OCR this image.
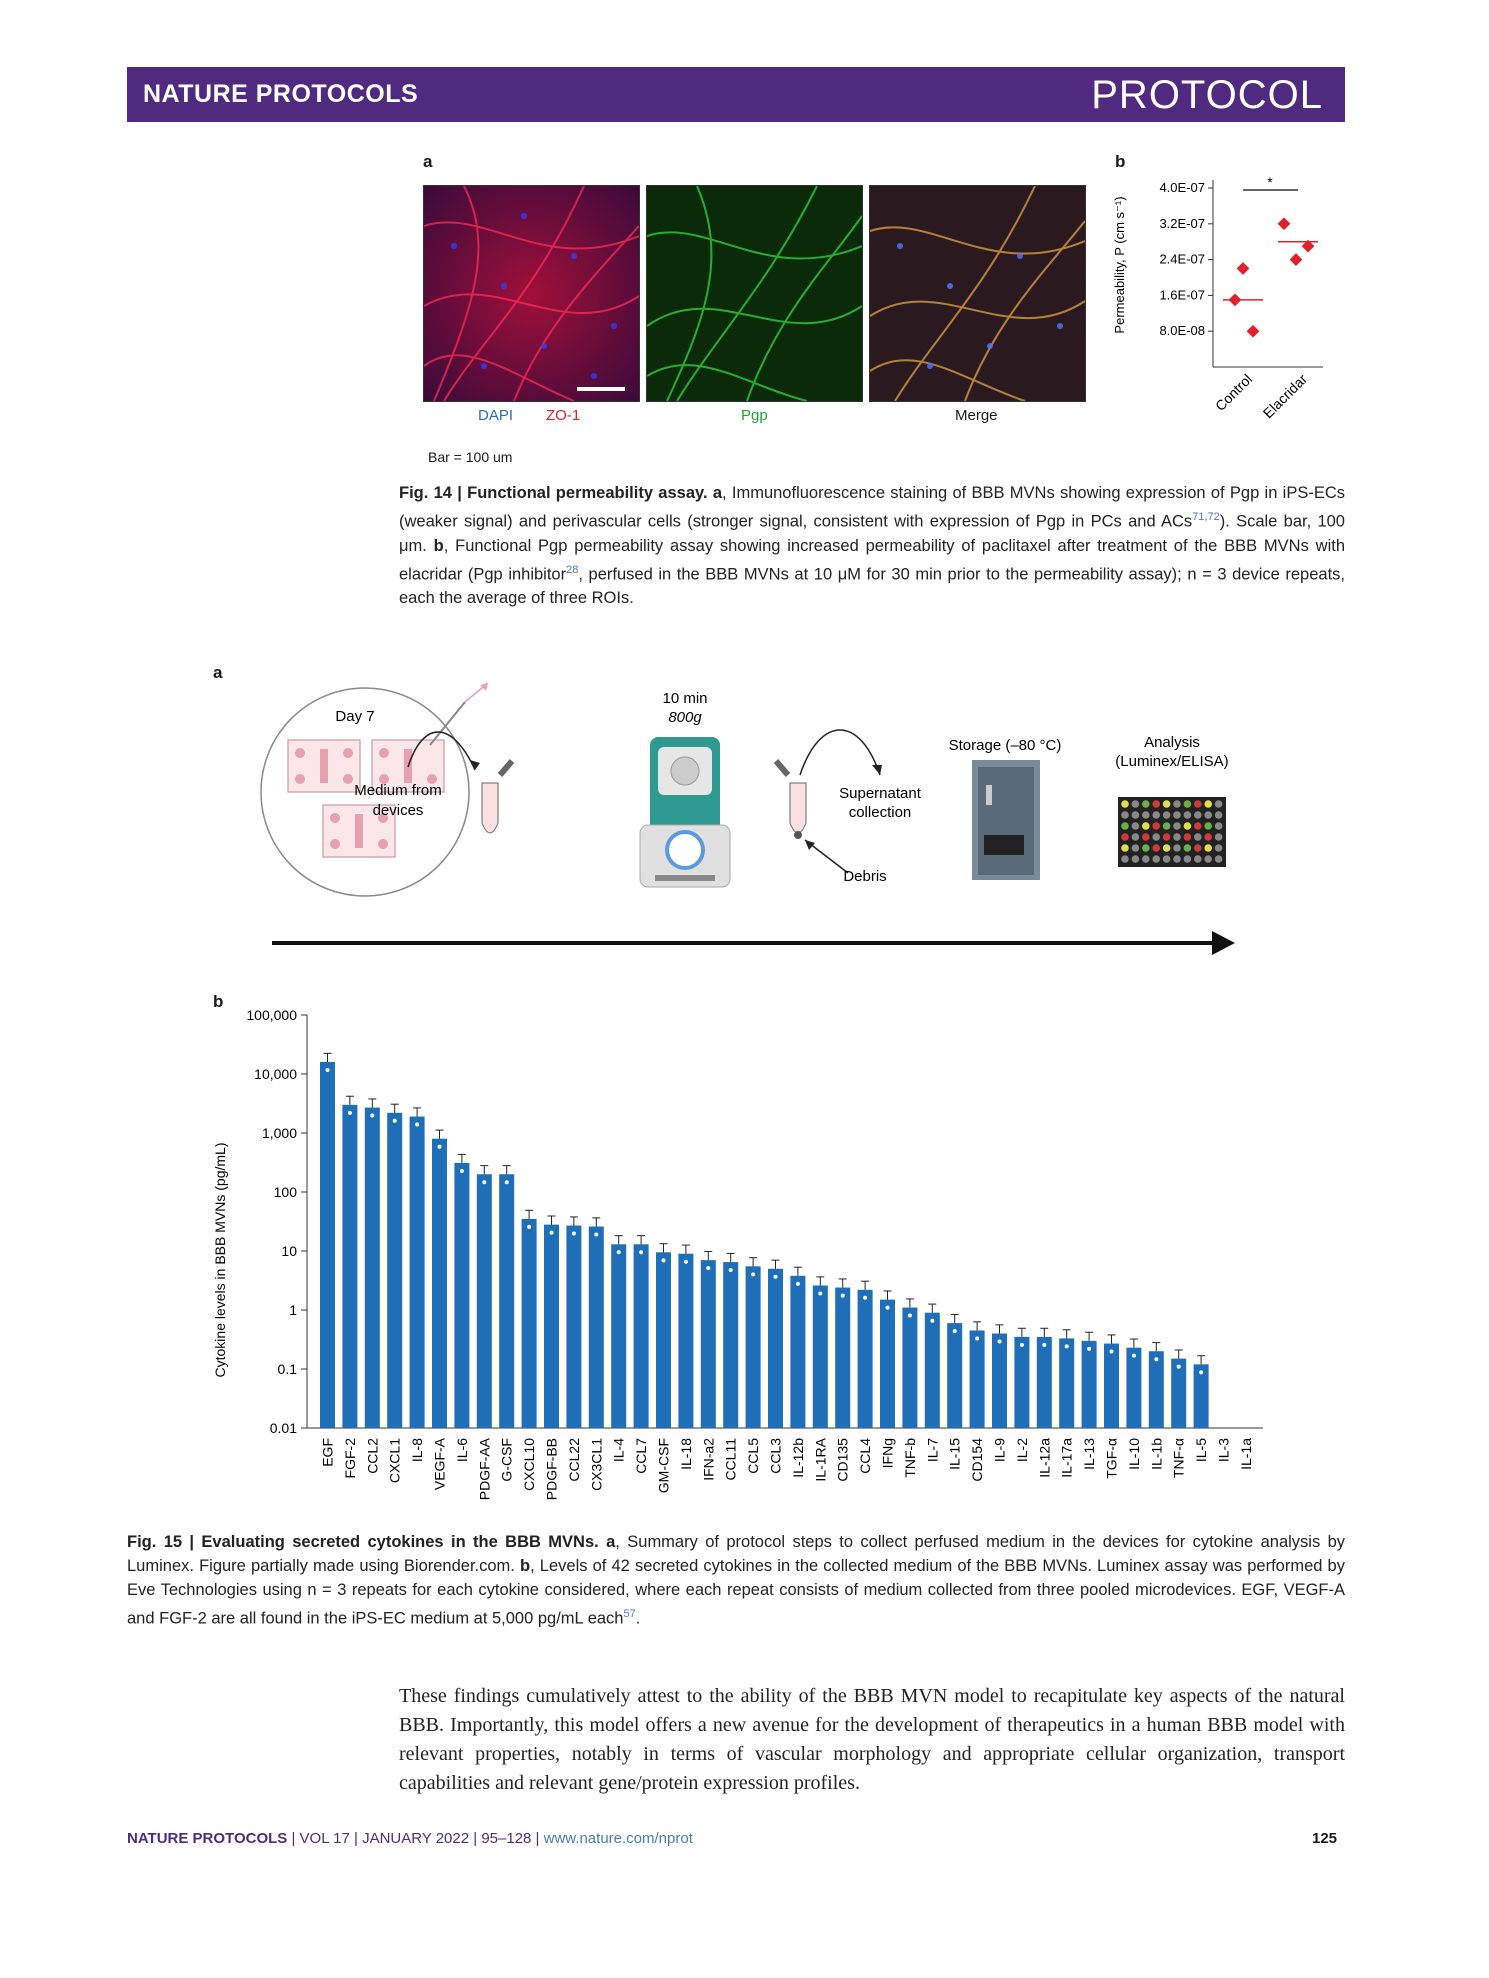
NATURE PROTOCOLS	PROTOCOL
a
DAPI ZO-1	Pgp	Merge
Bar = 100 um
b
Permeability, P (cm s⁻¹) 8.0E-08
1.6E-07
2.4E-07
3.2E-07
4.0E-07	*
Control Elacridar
Fig. 14 | Functional permeability assay. a, Immunofluorescence staining of BBB MVNs showing expression of Pgp in iPS-ECs (weaker signal) and perivascular cells (stronger signal, consistent with expression of Pgp in PCs and ACs$^{71,72}$). Scale bar, 100 μm. b, Functional Pgp permeability assay showing increased permeability of paclitaxel after treatment of the BBB MVNs with elacridar (Pgp inhibitor$^{28}$, perfused in the BBB MVNs at 10 μM for 30 min prior to the permeability assay); n = 3 device repeats, each the average of three ROIs.
a
Day 7
Medium from
devices
10 min
800g
Supernatant
collection
Debris
Storage (–80 °C)	Analysis
(Luminex/ELISA)
b
Cytokine levels in BBB MVNs (pg/mL)
0.01
0.1
1
10
100
1,000
10,000
100,000
EGF FGF-2 CCL2 CXCL1 IL-8 VEGF-A IL-6 PDGF-AA G-CSF CXCL10 PDGF-BB CCL22 CX3CL1 IL-4 CCL7 GM-CSF IL-18 IFN-a2 CCL11 CCL5 CCL3 IL-12b IL-1RA CD135 CCL4 IFNg TNF-b IL-7 IL-15 CD154 IL-9 IL-2 IL-12a IL-17a IL-13 TGF-α IL-10 IL-1b TNF-α IL-5 IL-3 IL-1a
Fig. 15 | Evaluating secreted cytokines in the BBB MVNs. a, Summary of protocol steps to collect perfused medium in the devices for cytokine analysis by Luminex. Figure partially made using Biorender.com. b, Levels of 42 secreted cytokines in the collected medium of the BBB MVNs. Luminex assay was performed by Eve Technologies using n = 3 repeats for each cytokine considered, where each repeat consists of medium collected from three pooled microdevices. EGF, VEGF-A and FGF-2 are all found in the iPS-EC medium at 5,000 pg/mL each$^{57}$.
These findings cumulatively attest to the ability of the BBB MVN model to recapitulate key aspects of the natural BBB. Importantly, this model offers a new avenue for the development of therapeutics in a human BBB model with relevant properties, notably in terms of vascular morphology and appropriate cellular organization, transport capabilities and relevant gene/protein expression profiles.
NATURE PROTOCOLS | VOL 17 | JANUARY 2022 | 95–128 | www.nature.com/nprot	125
